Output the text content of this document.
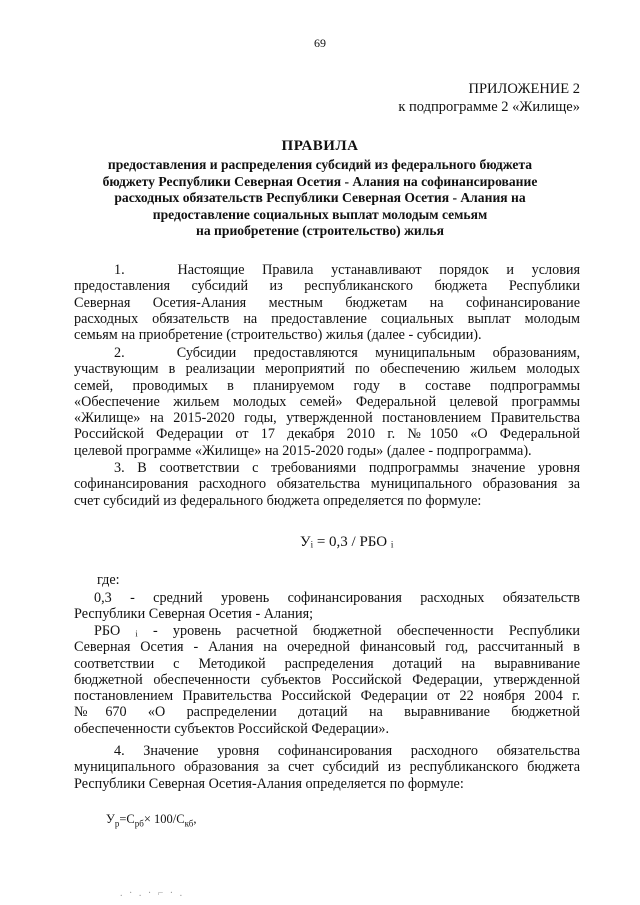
69
ПРИЛОЖЕНИЕ 2
к подпрограмме 2 «Жилище»
ПРАВИЛА
предоставления и распределения субсидий из федерального бюджета
бюджету Республики Северная Осетия - Алания на софинансирование
расходных обязательств Республики Северная Осетия - Алания на
предоставление социальных выплат молодым семьям
на приобретение (строительство) жилья
1.   Настоящие Правила устанавливают порядок и условия
предоставления субсидий из республиканского бюджета Республики
Северная Осетия-Алания местным бюджетам на софинансирование
расходных обязательств на предоставление социальных выплат молодым
семьям на приобретение (строительство) жилья (далее - субсидии).
2.   Субсидии предоставляются муниципальным образованиям,
участвующим в реализации мероприятий по обеспечению жильем молодых
семей, проводимых в планируемом году в составе подпрограммы
«Обеспечение жильем молодых семей» Федеральной целевой программы
«Жилище» на 2015-2020 годы, утвержденной постановлением Правительства
Российской Федерации от 17 декабря 2010 г. №1050 «О Федеральной
целевой программе «Жилище» на 2015-2020 годы» (далее - подпрограмма).
3. В соответствии с требованиями подпрограммы значение уровня
софинансирования расходного обязательства муниципального образования за
счет субсидий из федерального бюджета определяется по формуле:
Уᵢ = 0,3 / РБО ᵢ
где:
0,3 - средний уровень софинансирования расходных обязательств
Республики Северная Осетия - Алания;
РБО ᵢ - уровень расчетной бюджетной обеспеченности Республики
Северная Осетия - Алания на очередной финансовый год, рассчитанный в
соответствии с Методикой распределения дотаций на выравнивание
бюджетной обеспеченности субъектов Российской Федерации, утвержденной
постановлением Правительства Российской Федерации от 22 ноября 2004 г.
№670 «О распределении дотаций на выравнивание бюджетной
обеспеченности субъектов Российской Федерации».
4. Значение уровня софинансирования расходного обязательства
муниципального образования за счет субсидий из республиканского бюджета
Республики Северная Осетия-Алания определяется по формуле:
$У_р=C_{рб}\times 100/C_{кб}$,
. · . · ⌐ · .
